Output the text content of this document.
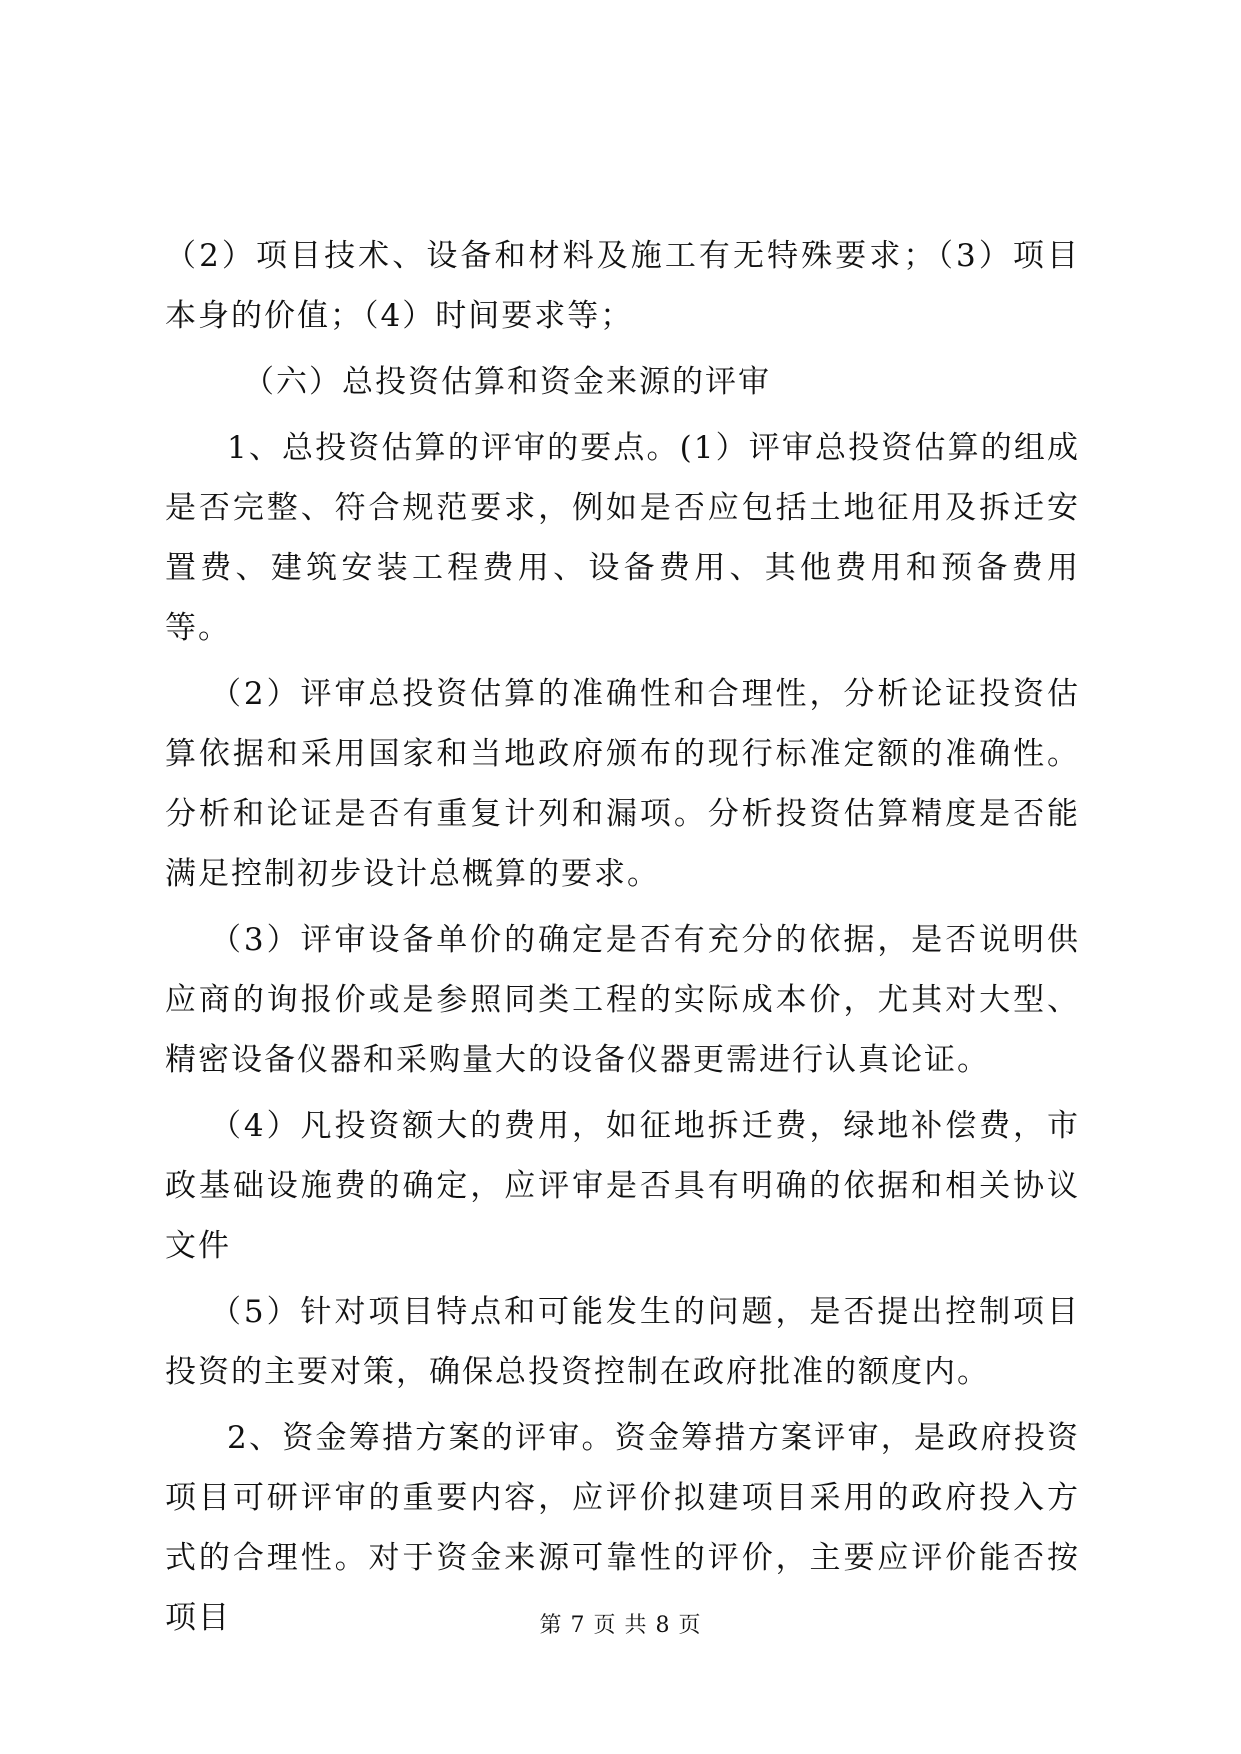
（2）项目技术、设备和材料及施工有无特殊要求；（3）项目本身的价值；（4）时间要求等；

（六）总投资估算和资金来源的评审

1、总投资估算的评审的要点。(1）评审总投资估算的组成是否完整、符合规范要求，例如是否应包括土地征用及拆迁安置费、建筑安装工程费用、设备费用、其他费用和预备费用等。

（2）评审总投资估算的准确性和合理性，分析论证投资估算依据和采用国家和当地政府颁布的现行标准定额的准确性。分析和论证是否有重复计列和漏项。分析投资估算精度是否能满足控制初步设计总概算的要求。

（3）评审设备单价的确定是否有充分的依据，是否说明供应商的询报价或是参照同类工程的实际成本价，尤其对大型、精密设备仪器和采购量大的设备仪器更需进行认真论证。

（4）凡投资额大的费用，如征地拆迁费，绿地补偿费，市政基础设施费的确定，应评审是否具有明确的依据和相关协议文件

（5）针对项目特点和可能发生的问题，是否提出控制项目投资的主要对策，确保总投资控制在政府批准的额度内。

2、资金筹措方案的评审。资金筹措方案评审，是政府投资项目可研评审的重要内容，应评价拟建项目采用的政府投入方式的合理性。对于资金来源可靠性的评价，主要应评价能否按项目	第 7 页 共 8 页
